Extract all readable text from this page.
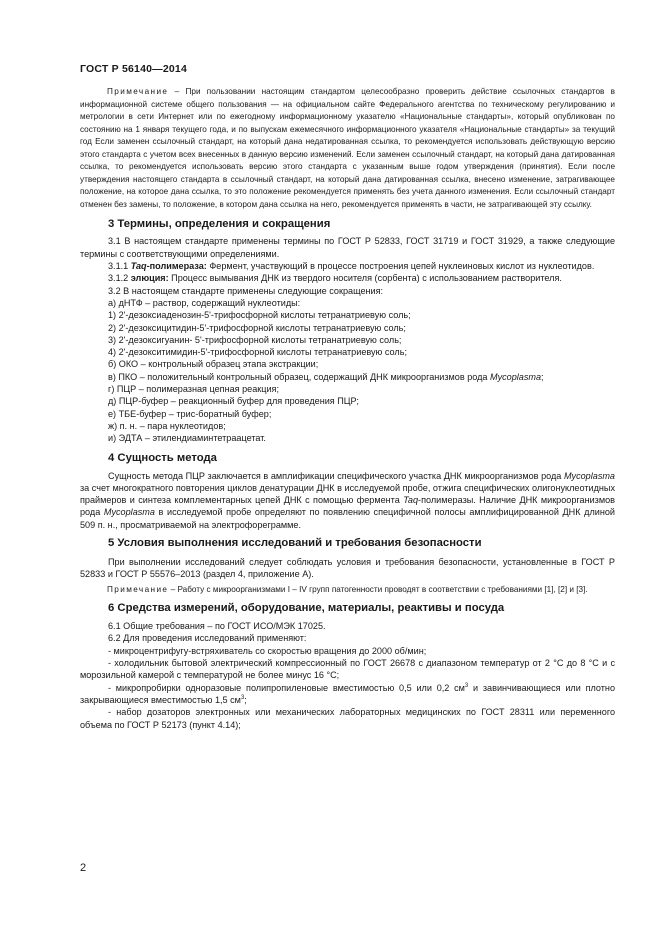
ГОСТ Р 56140—2014

Примечание – При пользовании настоящим стандартом целесообразно проверить действие ссылочных стандартов в информационной системе общего пользования — на официальном сайте Федерального агентства по техническому регулированию и метрологии в сети Интернет или по ежегодному информационному указателю «Национальные стандарты», который опубликован по состоянию на 1 января текущего года, и по выпускам ежемесячного информационного указателя «Национальные стандарты» за текущий год Если заменен ссылочный стандарт, на который дана недатированная ссылка, то рекомендуется использовать действующую версию этого стандарта с учетом всех внесенных в данную версию изменений. Если заменен ссылочный стандарт, на который дана датированная ссылка, то рекомендуется использовать версию этого стандарта с указанным выше годом утверждения (принятия). Если после утверждения настоящего стандарта в ссылочный стандарт, на который дана датированная ссылка, внесено изменение, затрагивающее положение, на которое дана ссылка, то это положение рекомендуется применять без учета данного изменения. Если ссылочный стандарт отменен без замены, то положение, в котором дана ссылка на него, рекомендуется применять в части, не затрагивающей эту ссылку.

3 Термины, определения и сокращения

3.1 В настоящем стандарте применены термины по ГОСТ Р 52833, ГОСТ 31719 и ГОСТ 31929, а также следующие термины с соответствующими определениями.

3.1.1 Taq-полимераза: Фермент, участвующий в процессе построения цепей нуклеиновых кислот из нуклеотидов.

3.1.2 элюция: Процесс вымывания ДНК из твердого носителя (сорбента) с использованием растворителя.

3.2 В настоящем стандарте применены следующие сокращения:

а) дНТФ – раствор, содержащий нуклеотиды:

1) 2'-дезоксиаденозин-5'-трифосфорной кислоты тетранатриевую соль;

2) 2'-дезоксицитидин-5'-трифосфорной кислоты тетранатриевую соль;

3) 2'-дезоксигуанин- 5'-трифосфорной кислоты тетранатриевую соль;

4) 2'-дезокситимидин-5'-трифосфорной кислоты тетранатриевую соль;

б) ОКО – контрольный образец этапа экстракции;

в) ПКО – положительный контрольный образец, содержащий ДНК микроорганизмов рода Mycoplasma;

г) ПЦР – полимеразная цепная реакция;

д) ПЦР-буфер – реакционный буфер для проведения ПЦР;

е) ТБЕ-буфер – трис-боратный буфер;

ж) п. н. – пара нуклеотидов;

и) ЭДТА – этилендиаминтетраацетат.

4 Сущность метода

Сущность метода ПЦР заключается в амплификации специфического участка ДНК микроорганизмов рода Mycoplasma за счет многократного повторения циклов денатурации ДНК в исследуемой пробе, отжига специфических олигонуклеотидных праймеров и синтеза комплементарных цепей ДНК с помощью фермента Taq-полимеразы. Наличие ДНК микроорганизмов рода Mycoplasma в исследуемой пробе определяют по появлению специфичной полосы амплифицированной ДНК длиной 509 п. н., просматриваемой на электрофореграмме.

5 Условия выполнения исследований и требования безопасности

При выполнении исследований следует соблюдать условия и требования безопасности, установленные в ГОСТ Р 52833 и ГОСТ Р 55576–2013 (раздел 4, приложение А).

Примечание – Работу с микроорганизмами I – IV групп патогенности проводят в соответствии с требованиями [1], [2] и [3].

6 Средства измерений, оборудование, материалы, реактивы и посуда

6.1 Общие требования – по ГОСТ ИСО/МЭК 17025.

6.2 Для проведения исследований применяют:

- микроцентрифугу-встряхиватель со скоростью вращения до 2000 об/мин;

- холодильник бытовой электрический компрессионный по ГОСТ 26678 с диапазоном температур от 2 °С до 8 °С и с морозильной камерой с температурой не более минус 16 °С;

- микропробирки одноразовые полипропиленовые вместимостью 0,5 или 0,2 $см^3$ и завинчивающиеся или плотно закрывающиеся вместимостью 1,5 $см^3$;

- набор дозаторов электронных или механических лабораторных медицинских по ГОСТ 28311 или переменного объема по ГОСТ Р 52173 (пункт 4.14);

2
